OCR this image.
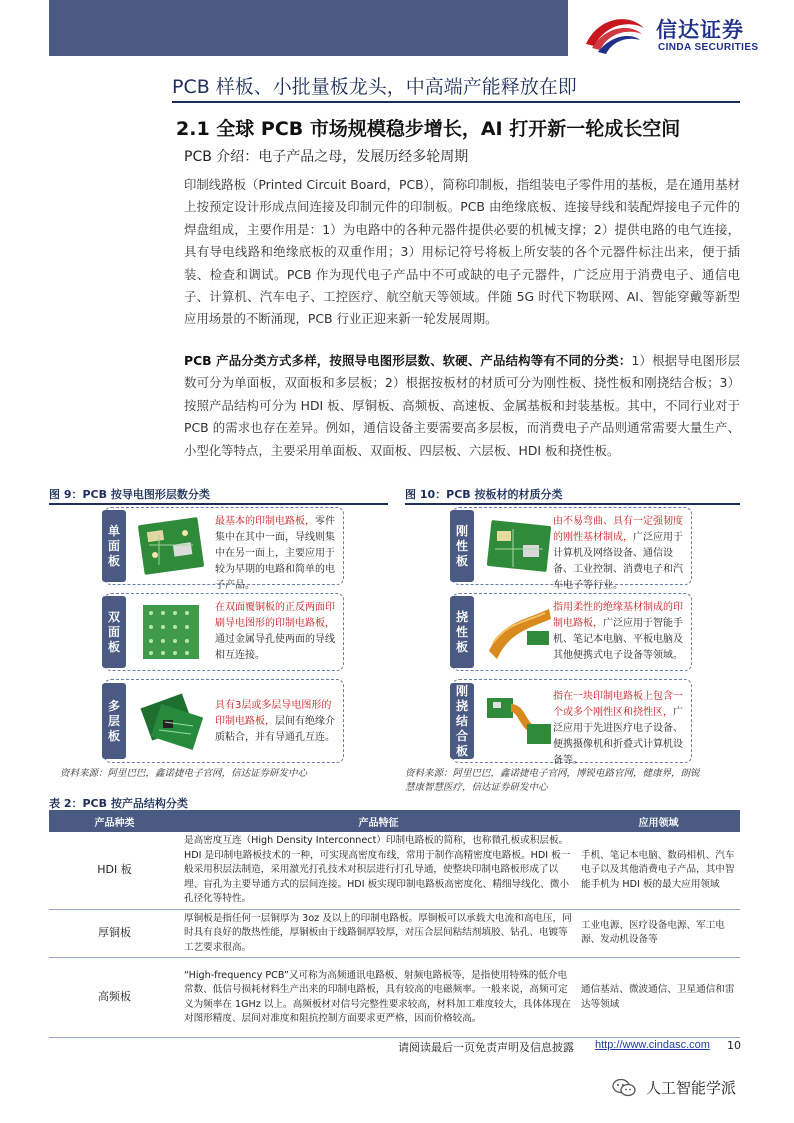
信达证券
CINDA SECURITIES
PCB 样板、小批量板龙头，中高端产能释放在即
2.1 全球 PCB 市场规模稳步增长，AI 打开新一轮成长空间
PCB 介绍：电子产品之母，发展历经多轮周期
印制线路板（Printed Circuit Board，PCB），简称印制板，指组装电子零件用的基板，是在通用基材上按预定设计形成点间连接及印制元件的印制板。PCB 由绝缘底板、连接导线和装配焊接电子元件的焊盘组成，主要作用是：1）为电路中的各种元器件提供必要的机械支撑；2）提供电路的电气连接，具有导电线路和绝缘底板的双重作用；3）用标记符号将板上所安装的各个元器件标注出来，便于插装、检查和调试。PCB 作为现代电子产品中不可或缺的电子元器件，广泛应用于消费电子、通信电子、计算机、汽车电子、工控医疗、航空航天等领域。伴随 5G 时代下物联网、AI、智能穿戴等新型应用场景的不断涌现，PCB 行业正迎来新一轮发展周期。
PCB 产品分类方式多样，按照导电图形层数、软硬、产品结构等有不同的分类：1）根据导电图形层数可分为单面板，双面板和多层板；2）根据按板材的材质可分为刚性板、挠性板和刚挠结合板；3）按照产品结构可分为 HDI 板、厚铜板、高频板、高速板、金属基板和封装基板。其中，不同行业对于 PCB 的需求也存在差异。例如，通信设备主要需要高多层板，而消费电子产品则通常需要大量生产、小型化等特点，主要采用单面板、双面板、四层板、六层板、HDI 板和挠性板。
图 9：PCB 按导电图形层数分类
单面板
最基本的印制电路板，零件集中在其中一面，导线则集中在另一面上，主要应用于较为早期的电路和简单的电子产品。
双面板
在双面覆铜板的正反两面印刷导电图形的印制电路板，通过金属导孔使两面的导线相互连接。
多层板
具有3层或多层导电图形的印制电路板，层间有绝缘介质粘合，并有导通孔互连。
资料来源：阿里巴巴，鑫诺捷电子官网，信达证券研发中心
图 10：PCB 按板材的材质分类
刚性板
由不易弯曲、具有一定强韧度的刚性基材制成，广泛应用于计算机及网络设备、通信设备、工业控制、消费电子和汽车电子等行业。
挠性板
指用柔性的绝缘基材制成的印制电路板，广泛应用于智能手机、笔记本电脑、平板电脑及其他便携式电子设备等领域。
刚挠结合板
指在一块印制电路板上包含一个或多个刚性区和挠性区，广泛应用于先进医疗电子设备、便携摄像机和折叠式计算机设备等。
资料来源：阿里巴巴，鑫诺捷电子官网，博锐电路官网，健康界，朗锐
慧康智慧医疗，信达证券研发中心
表 2：PCB 按产品结构分类
产品种类	产品特征	应用领域
HDI 板	是高密度互连（High Density Interconnect）印制电路板的简称，也称微孔板或积层板。HDI 是印制电路板技术的一种，可实现高密度布线，常用于制作高精密度电路板。HDI 板一般采用积层法制造，采用激光打孔技术对积层进行打孔导通，使整块印制电路板形成了以埋、盲孔为主要导通方式的层间连接。HDI 板实现印制电路板高密度化、精细导线化、微小孔径化等特性。	手机、笔记本电脑、数码相机、汽车电子以及其他消费电子产品，其中智能手机为 HDI 板的最大应用领域
厚铜板	厚铜板是指任何一层铜厚为 3oz 及以上的印制电路板。厚铜板可以承载大电流和高电压，同时具有良好的散热性能，厚铜板由于线路铜厚较厚，对压合层间粘结剂填胶、钻孔、电镀等工艺要求很高。	工业电源、医疗设备电源、军工电源、发动机设备等
高频板	“High-frequency PCB”又可称为高频通讯电路板、射频电路板等，是指使用特殊的低介电常数、低信号损耗材料生产出来的印制电路板，具有较高的电磁频率。一般来说，高频可定义为频率在 1GHz 以上。高频板材对信号完整性要求较高，材料加工难度较大，具体体现在对图形精度、层间对准度和阻抗控制方面要求更严格，因而价格较高。	通信基站、微波通信、卫星通信和雷达等领域
请阅读最后一页免责声明及信息披露 http://www.cindasc.com 10
人工智能学派
